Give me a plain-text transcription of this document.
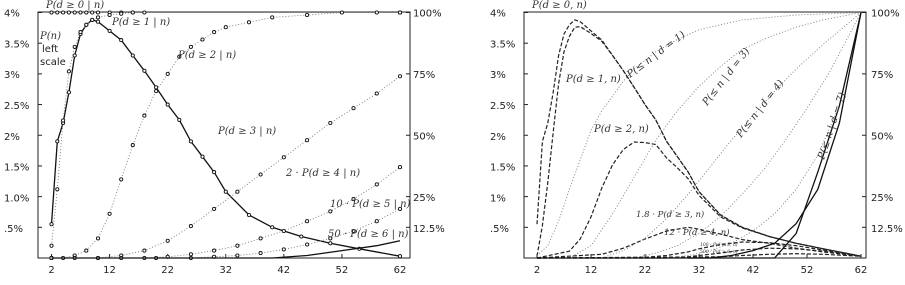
.5%
1.0%
1.5%
2%
2.5%
3%
3.5%
4%
12.5%
25%
50%
75%
100%
2	12	22	32	42	52	62
P(n)
left
scale
P(d ≥ 0 | n)
P(d ≥ 1 | n)
P(d ≥ 2 | n)
P(d ≥ 3 | n)
2 · P(d ≥ 4 | n)
10 · P(d ≥ 5 | n)
50 · P(d ≥ 6 | n)	.5%
1%
1.5%
2%
2.5%
3%
3.5%
4%
12.5%
25%
50%
75%
100%
2	12	22	32	42	52	62
P(d ≥ 0, n)
P(d ≥ 1, n)
P(d ≥ 2, n)
1.8 · P(d ≥ 3, n)
12 · P(d ≥ 4, n)
100 · P(d ≥ 5, n)
500 · P(d ≥ 6, n)
P(≤ n | d = 1) P(≤ n | d = 3)
P(≤ n | d = 4)	P(≤ n | d = 7)
